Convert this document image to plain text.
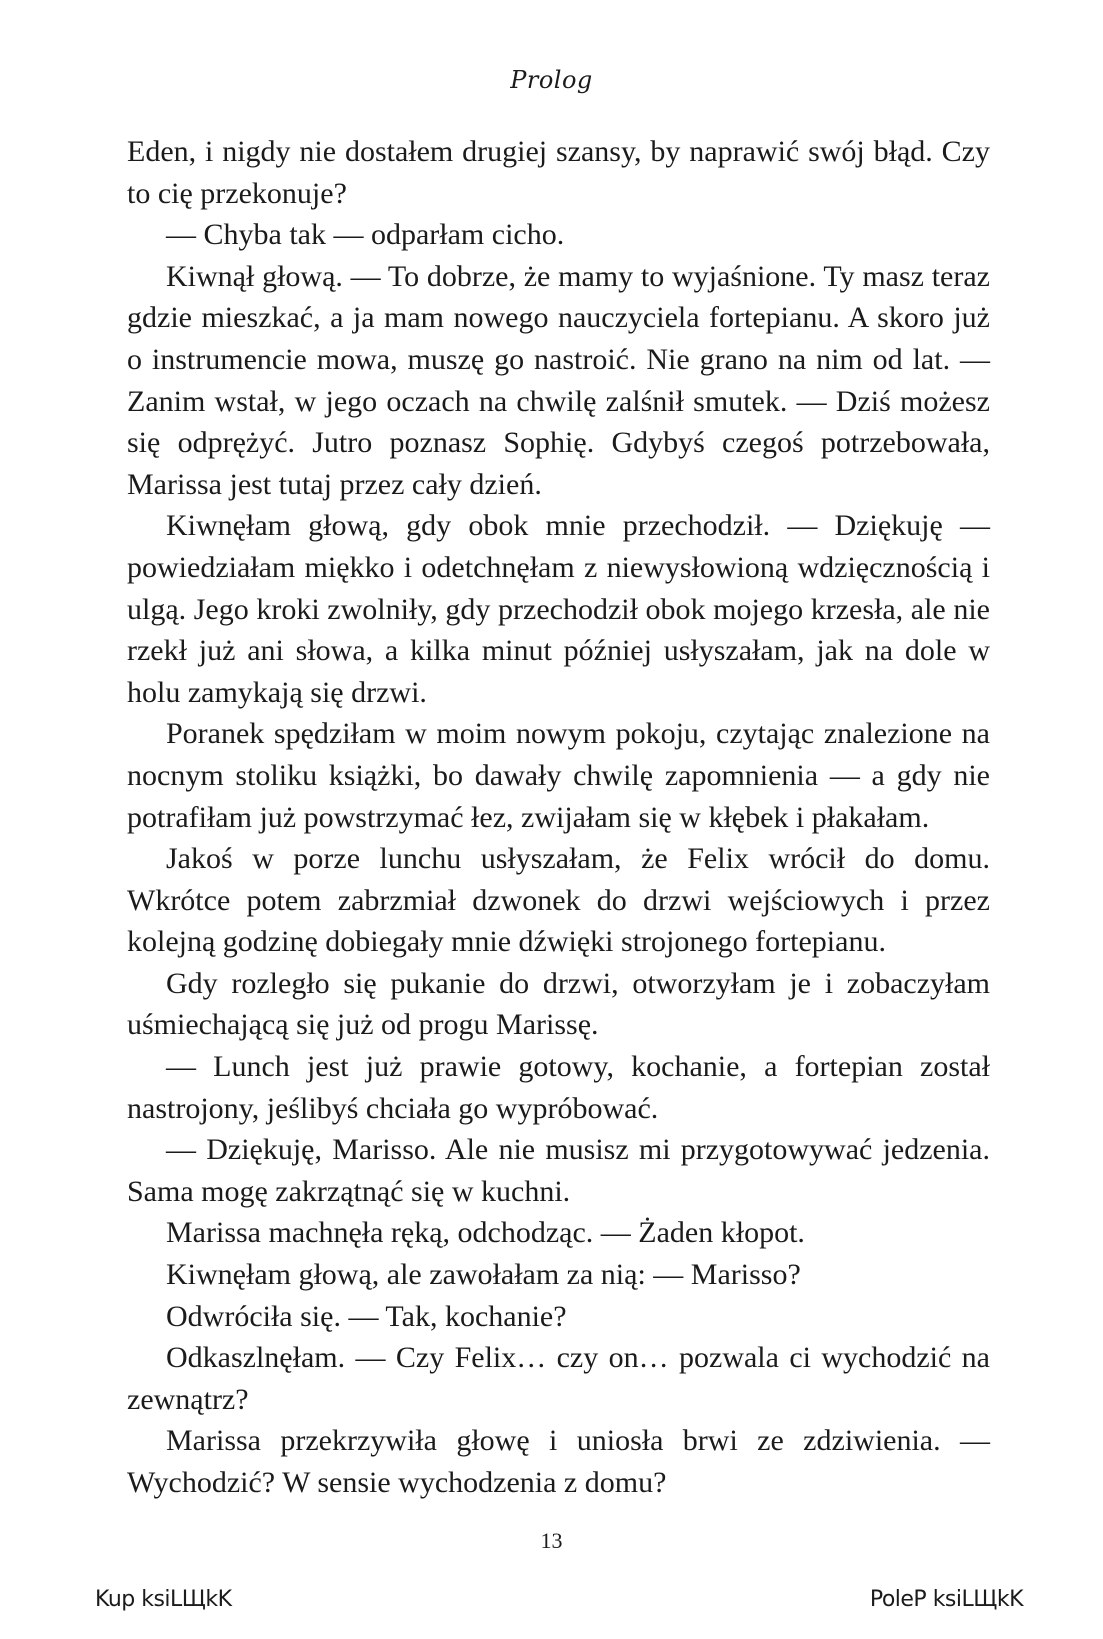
Prolog

Eden, i nigdy nie dostałem drugiej szansy, by naprawić swój błąd. Czy to cię przekonuje?

— Chyba tak — odparłam cicho.

Kiwnął głową. — To dobrze, że mamy to wyjaśnione. Ty masz teraz gdzie mieszkać, a ja mam nowego nauczyciela fortepianu. A skoro już o instrumencie mowa, muszę go nastroić. Nie grano na nim od lat. — Zanim wstał, w jego oczach na chwilę zalśnił smutek. — Dziś możesz się odprężyć. Jutro poznasz Sophię. Gdybyś czegoś potrzebowała, Marissa jest tutaj przez cały dzień.

Kiwnęłam głową, gdy obok mnie przechodził. — Dziękuję — powiedziałam miękko i odetchnęłam z niewysłowioną wdzięcznością i ulgą. Jego kroki zwolniły, gdy przechodził obok mojego krzesła, ale nie rzekł już ani słowa, a kilka minut później usłyszałam, jak na dole w holu zamykają się drzwi.

Poranek spędziłam w moim nowym pokoju, czytając znalezione na nocnym stoliku książki, bo dawały chwilę zapomnienia — a gdy nie potrafiłam już powstrzymać łez, zwijałam się w kłębek i płakałam.

Jakoś w porze lunchu usłyszałam, że Felix wrócił do domu. Wkrótce potem zabrzmiał dzwonek do drzwi wejściowych i przez kolejną godzinę dobiegały mnie dźwięki strojonego fortepianu.

Gdy rozległo się pukanie do drzwi, otworzyłam je i zobaczyłam uśmiechającą się już od progu Marissę.

— Lunch jest już prawie gotowy, kochanie, a fortepian został nastrojony, jeślibyś chciała go wypróbować.

— Dziękuję, Marisso. Ale nie musisz mi przygotowywać jedzenia. Sama mogę zakrzątnąć się w kuchni.

Marissa machnęła ręką, odchodząc. — Żaden kłopot.

Kiwnęłam głową, ale zawołałam za nią: — Marisso?

Odwróciła się. — Tak, kochanie?

Odkaszlnęłam. — Czy Felix… czy on… pozwala ci wychodzić na zewnątrz?

Marissa przekrzywiła głowę i uniosła brwi ze zdziwienia. — Wychodzić? W sensie wychodzenia z domu?

13
Kup ksiLЩkK	PoleP ksiLЩkK
